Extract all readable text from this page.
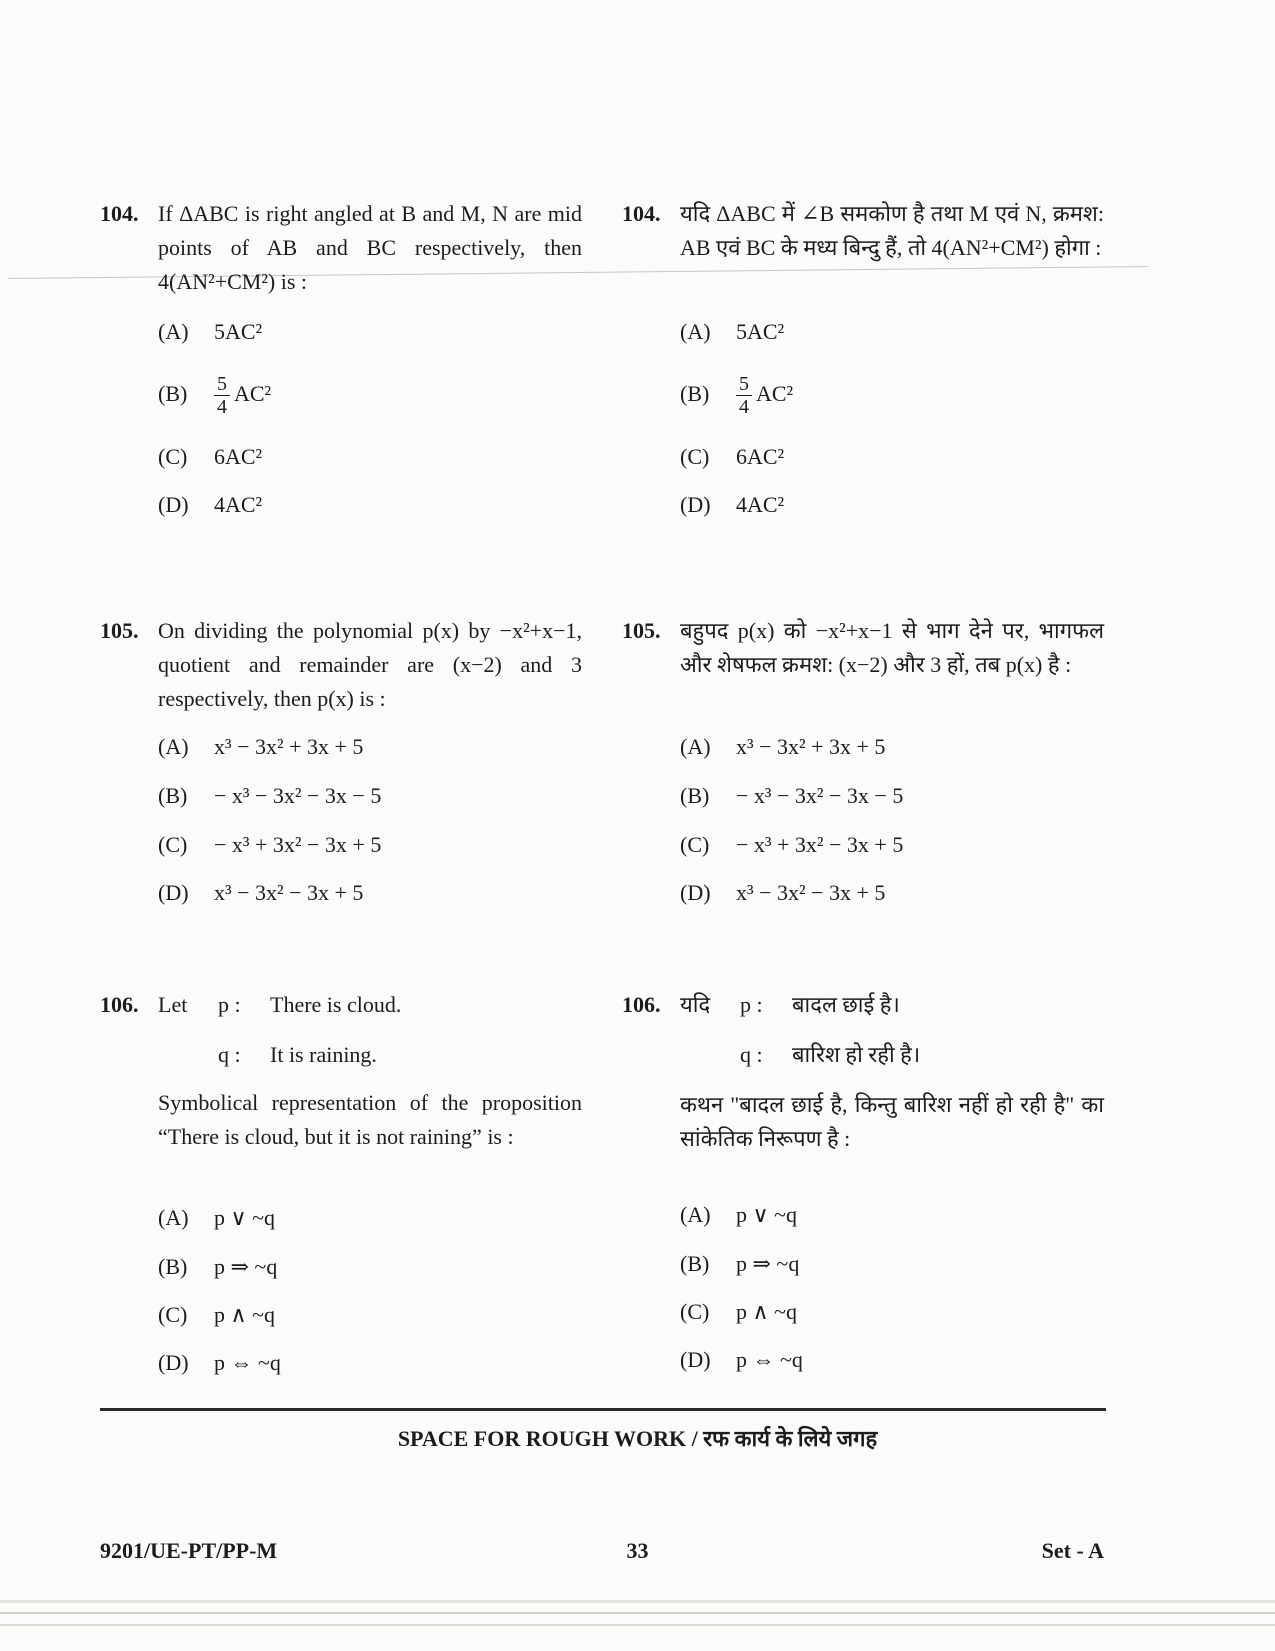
104. If ΔABC is right angled at B and M, N are mid points of AB and BC respectively, then 4(AN²+CM²) is :
(A) 5AC²
$(B) \frac{5}{4} AC^2$
(C) 6AC²
(D) 4AC²
104. यदि ΔABC में ∠B समकोण है तथा M एवं N, क्रमश: AB एवं BC के मध्य बिन्दु हैं, तो 4(AN²+CM²) होगा :
(A) 5AC²
$(B) \frac{5}{4} AC^2$
(C) 6AC²
(D) 4AC²
105. On dividing the polynomial p(x) by −x²+x−1, quotient and remainder are (x−2) and 3 respectively, then p(x) is :
(A) x³ − 3x² + 3x + 5
(B) − x³ − 3x² − 3x − 5
(C) − x³ + 3x² − 3x + 5
(D) x³ − 3x² − 3x + 5
105. बहुपद p(x) को −x²+x−1 से भाग देने पर, भागफल और शेषफल क्रमश: (x−2) और 3 हों, तब p(x) है :
(A) x³ − 3x² + 3x + 5
(B) − x³ − 3x² − 3x − 5
(C) − x³ + 3x² − 3x + 5
(D) x³ − 3x² − 3x + 5
106. Let p : There is cloud.
q : It is raining.
Symbolical representation of the proposition “There is cloud, but it is not raining” is :
(A) p ∨ ~q
(B) p ⇒ ~q
(C) p ∧ ~q
(D) p ⇔ ~q
106. यदि p : बादल छाई है।
q : बारिश हो रही है।
कथन "बादल छाई है, किन्तु बारिश नहीं हो रही है" का सांकेतिक निरूपण है :
(A) p ∨ ~q
(B) p ⇒ ~q
(C) p ∧ ~q
(D) p ⇔ ~q
SPACE FOR ROUGH WORK / रफ कार्य के लिये जगह
9201/UE-PT/PP-M	33	Set - A
